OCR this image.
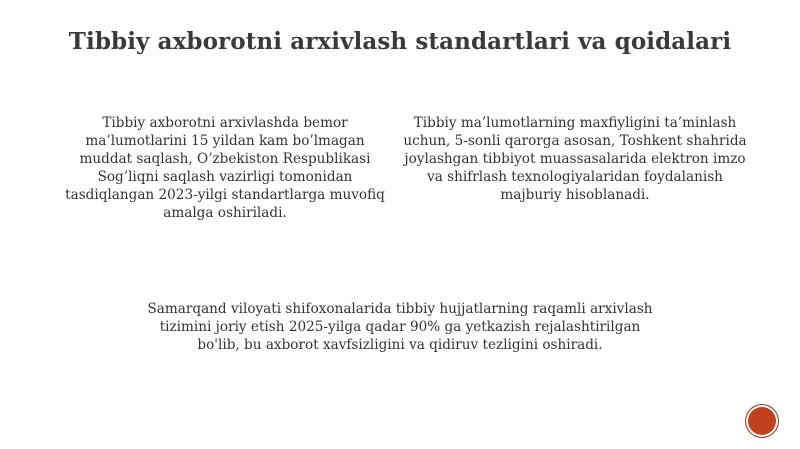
Tibbiy axborotni arxivlash standartlari va qoidalari
Tibbiy axborotni arxivlashda bemor ma’lumotlarini 15 yildan kam bo’lmagan muddat saqlash, O’zbekiston Respublikasi Sog’liqni saqlash vazirligi tomonidan tasdiqlangan 2023-yilgi standartlarga muvofiq amalga oshiriladi.
Tibbiy ma’lumotlarning maxfiyligini ta’minlash uchun, 5-sonli qarorga asosan, Toshkent shahrida joylashgan tibbiyot muassasalarida elektron imzo va shifrlash texnologiyalaridan foydalanish majburiy hisoblanadi.
Samarqand viloyati shifoxonalarida tibbiy hujjatlarning raqamli arxivlash tizimini joriy etish 2025-yilga qadar 90% ga yetkazish rejalashtirilgan bo'lib, bu axborot xavfsizligini va qidiruv tezligini oshiradi.
